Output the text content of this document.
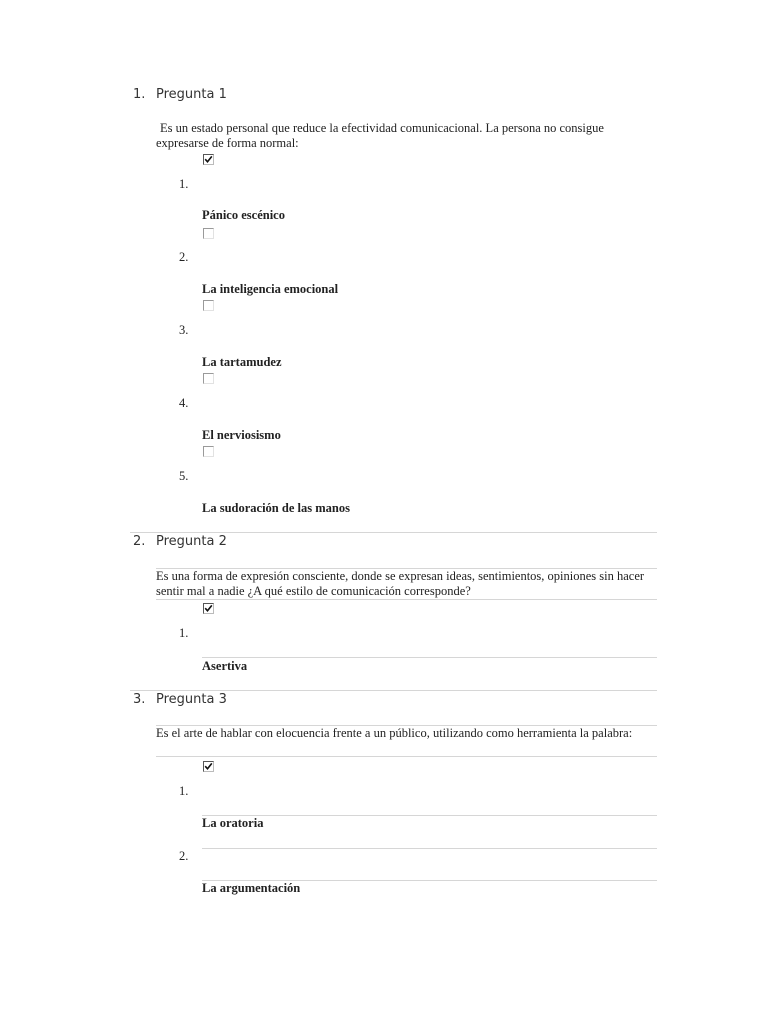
1. Pregunta 1
Es un estado personal que reduce la efectividad comunicacional. La persona no consigue expresarse de forma normal:
1.
Pánico escénico
2.
La inteligencia emocional
3.
La tartamudez
4.
El nerviosismo
5.
La sudoración de las manos
2. Pregunta 2
Es una forma de expresión consciente, donde se expresan ideas, sentimientos, opiniones sin hacer sentir mal a nadie ¿A qué estilo de comunicación corresponde?
1.
Asertiva
3. Pregunta 3
Es el arte de hablar con elocuencia frente a un público, utilizando como herramienta la palabra:
1.
La oratoria
2.
La argumentación
